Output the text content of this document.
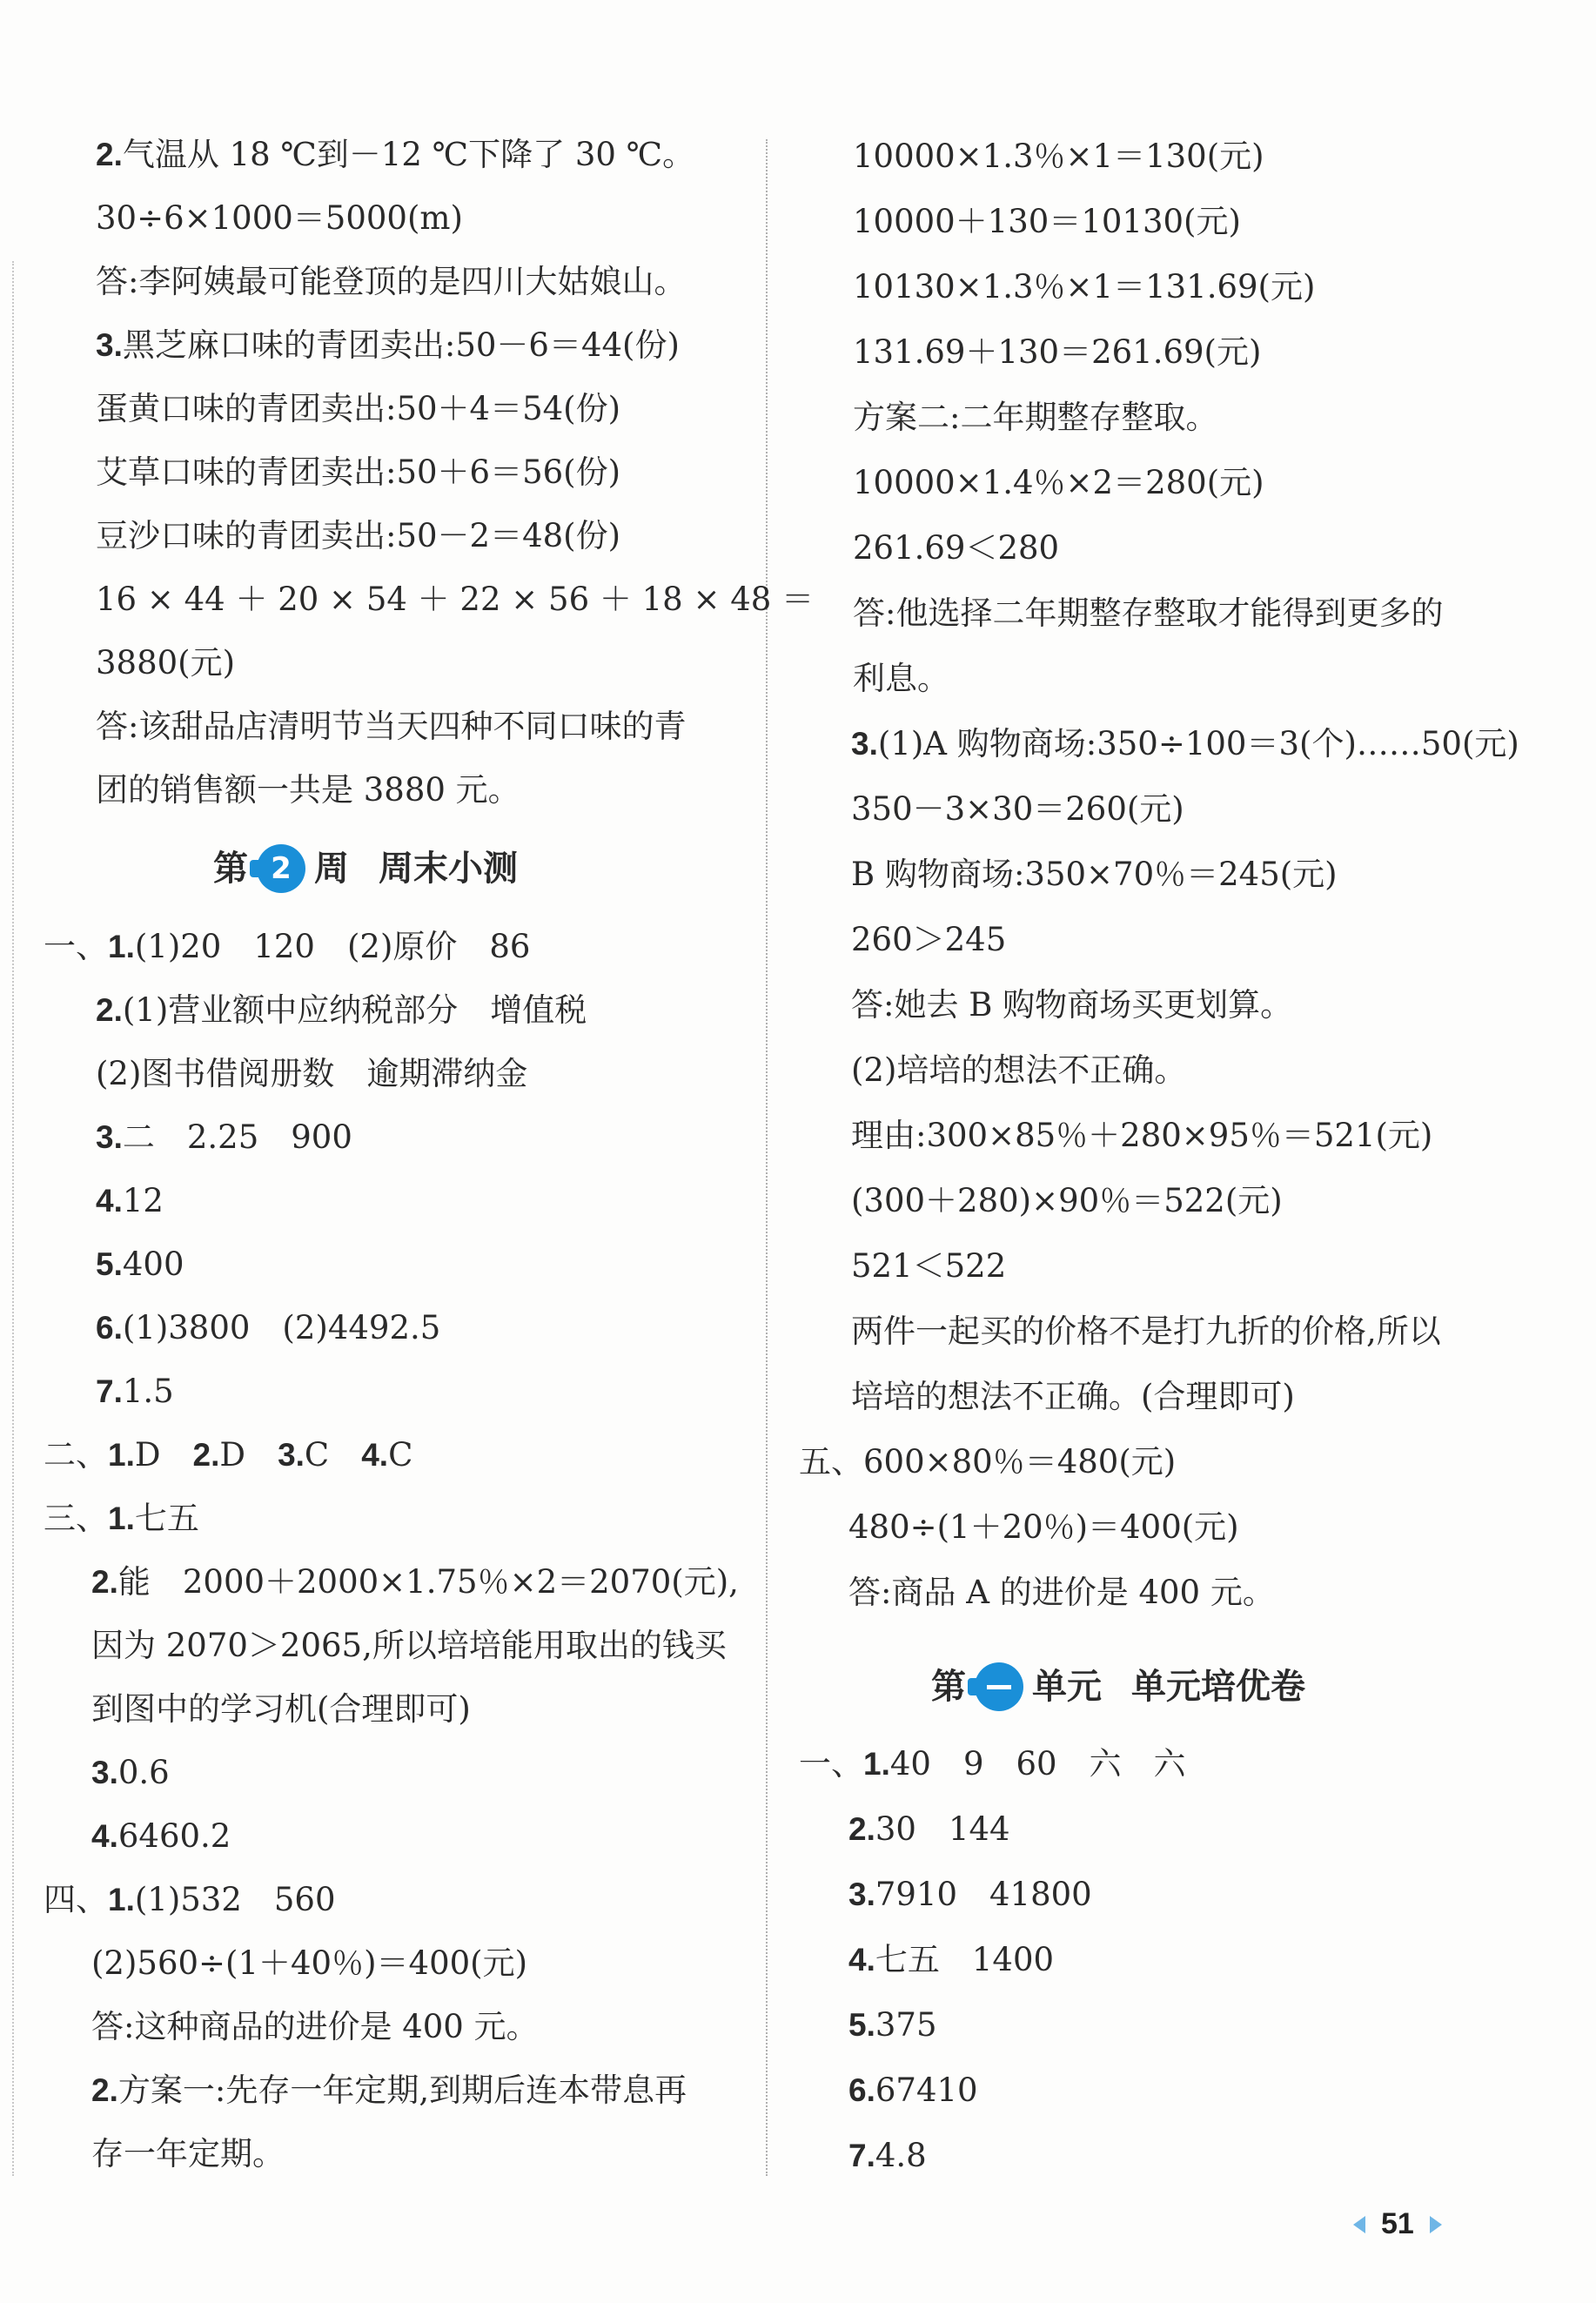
2.气温从 18 ℃到－12 ℃下降了 30 ℃。
30÷6×1000＝5000(m)
答:李阿姨最可能登顶的是四川大姑娘山。
3.黑芝麻口味的青团卖出:50－6＝44(份)
蛋黄口味的青团卖出:50＋4＝54(份)
艾草口味的青团卖出:50＋6＝56(份)
豆沙口味的青团卖出:50－2＝48(份)
16 × 44 ＋ 20 × 54 ＋ 22 × 56 ＋ 18 × 48 ＝
3880(元)
答:该甜品店清明节当天四种不同口味的青
团的销售额一共是 3880 元。
第 2 周 周末小测
一、1.(1)20　120　(2)原价　86
2.(1)营业额中应纳税部分　增值税
(2)图书借阅册数　逾期滞纳金
3.二　2.25　900
4.12
5.400
6.(1)3800　(2)4492.5
7.1.5
二、1.D　 2.D　 3.C　 4.C
三、1.七五
2.能　2000＋2000×1.75％×2＝2070(元),
因为 2070＞2065,所以培培能用取出的钱买
到图中的学习机(合理即可)
3.0.6
4.6460.2
四、1.(1)532　560
(2)560÷(1＋40％)＝400(元)
答:这种商品的进价是 400 元。
2.方案一:先存一年定期,到期后连本带息再
存一年定期。
10000×1.3％×1＝130(元)
10000＋130＝10130(元)
10130×1.3％×1＝131.69(元)
131.69＋130＝261.69(元)
方案二:二年期整存整取。
10000×1.4％×2＝280(元)
261.69＜280
答:他选择二年期整存整取才能得到更多的
利息。
3.(1)A 购物商场:350÷100＝3(个)……50(元)
350－3×30＝260(元)
B 购物商场:350×70％＝245(元)
260＞245
答:她去 B 购物商场买更划算。
(2)培培的想法不正确。
理由:300×85％＋280×95％＝521(元)
(300＋280)×90％＝522(元)
521＜522
两件一起买的价格不是打九折的价格,所以
培培的想法不正确。(合理即可)
五、600×80％＝480(元)
480÷(1＋20％)＝400(元)
答:商品 A 的进价是 400 元。
第 单元 单元培优卷
一、1.40　9　60　六　六
2.30　144
3.7910　41800
4.七五　1400
5.375
6.67410
7.4.8
51
